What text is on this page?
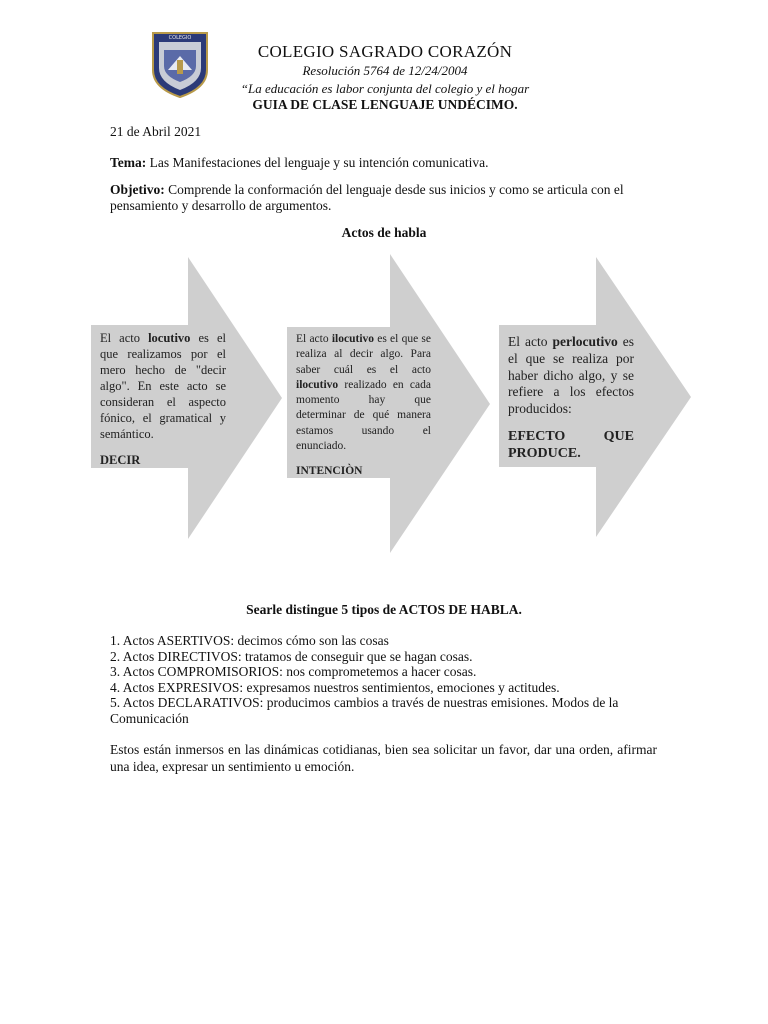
COLEGIO
COLEGIO SAGRADO CORAZÓN
Resolución 5764 de 12/24/2004
“La educación es labor conjunta del colegio y el hogar
GUIA DE CLASE LENGUAJE UNDÉCIMO.
21 de Abril 2021
Tema: Las Manifestaciones del lenguaje y su intención comunicativa.
Objetivo: Comprende la conformación del lenguaje desde sus inicios y como se articula con el pensamiento y desarrollo de argumentos.
Actos de habla
El acto locutivo es el que realizamos por el mero hecho de "decir algo". En este acto se consideran el aspecto fónico, el gramatical y semántico.
DECIR
El acto ilocutivo es el que se realiza al decir algo. Para saber cuál es el acto ilocutivo realizado en cada momento hay que determinar de qué manera estamos usando el enunciado.
INTENCIÒN
El acto perlocutivo es el que se realiza por haber dicho algo, y se refiere a los efectos producidos:
EFECTO QUE PRODUCE.
Searle distingue 5 tipos de ACTOS DE HABLA.
1. Actos ASERTIVOS: decimos cómo son las cosas
2. Actos DIRECTIVOS: tratamos de conseguir que se hagan cosas.
3. Actos COMPROMISORIOS: nos comprometemos a hacer cosas.
4. Actos EXPRESIVOS: expresamos nuestros sentimientos, emociones y actitudes.
5. Actos DECLARATIVOS: producimos cambios a través de nuestras emisiones. Modos de la Comunicación
Estos están inmersos en las dinámicas cotidianas, bien sea solicitar un favor, dar una orden, afirmar una idea, expresar un sentimiento u emoción.
